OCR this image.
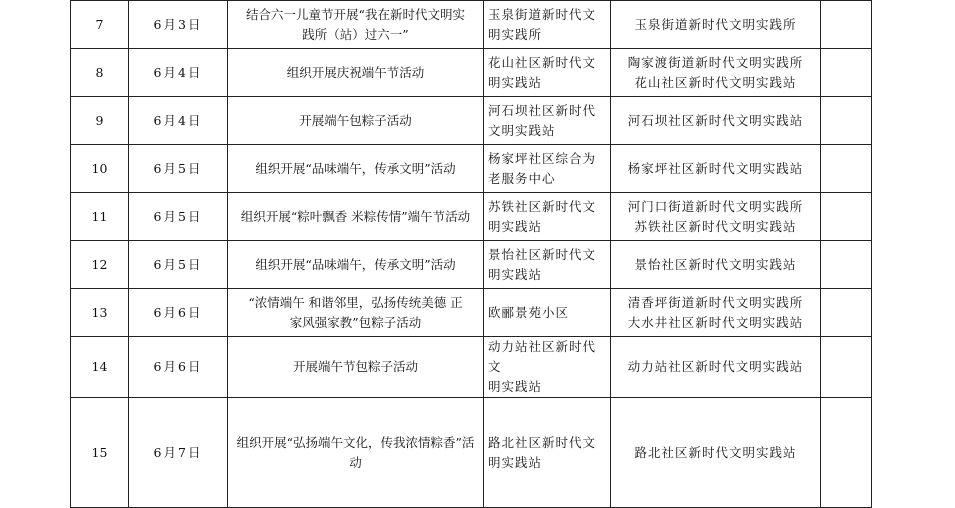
7	6月3日	结合六一儿童节开展“我在新时代文明实
践所（站）过六一”	玉泉街道新时代文
明实践所	玉泉街道新时代文明实践所	

8	6月4日	组织开展庆祝端午节活动	花山社区新时代文
明实践站	陶家渡街道新时代文明实践所
花山社区新时代文明实践站	

9	6月4日	开展端午包粽子活动	河石坝社区新时代
文明实践站	河石坝社区新时代文明实践站	

10	6月5日	组织开展“品味端午，传承文明”活动	杨家坪社区综合为
老服务中心	杨家坪社区新时代文明实践站	

11	6月5日	组织开展“粽叶飘香 米粽传情”端午节活动	苏铁社区新时代文
明实践站	河门口街道新时代文明实践所
苏铁社区新时代文明实践站	

12	6月5日	组织开展“品味端午，传承文明”活动	景怡社区新时代文
明实践站	景怡社区新时代文明实践站	

13	6月6日	“浓情端午 和谐邻里，弘扬传统美德 正
家风强家教”包粽子活动	欧郦景苑小区	清香坪街道新时代文明实践所
大水井社区新时代文明实践站	

14	6月6日	开展端午节包粽子活动	动力站社区新时代文
明实践站	动力站社区新时代文明实践站	

15	6月7日	组织开展“弘扬端午文化，传我浓情粽香”活动	路北社区新时代文
明实践站	路北社区新时代文明实践站	
